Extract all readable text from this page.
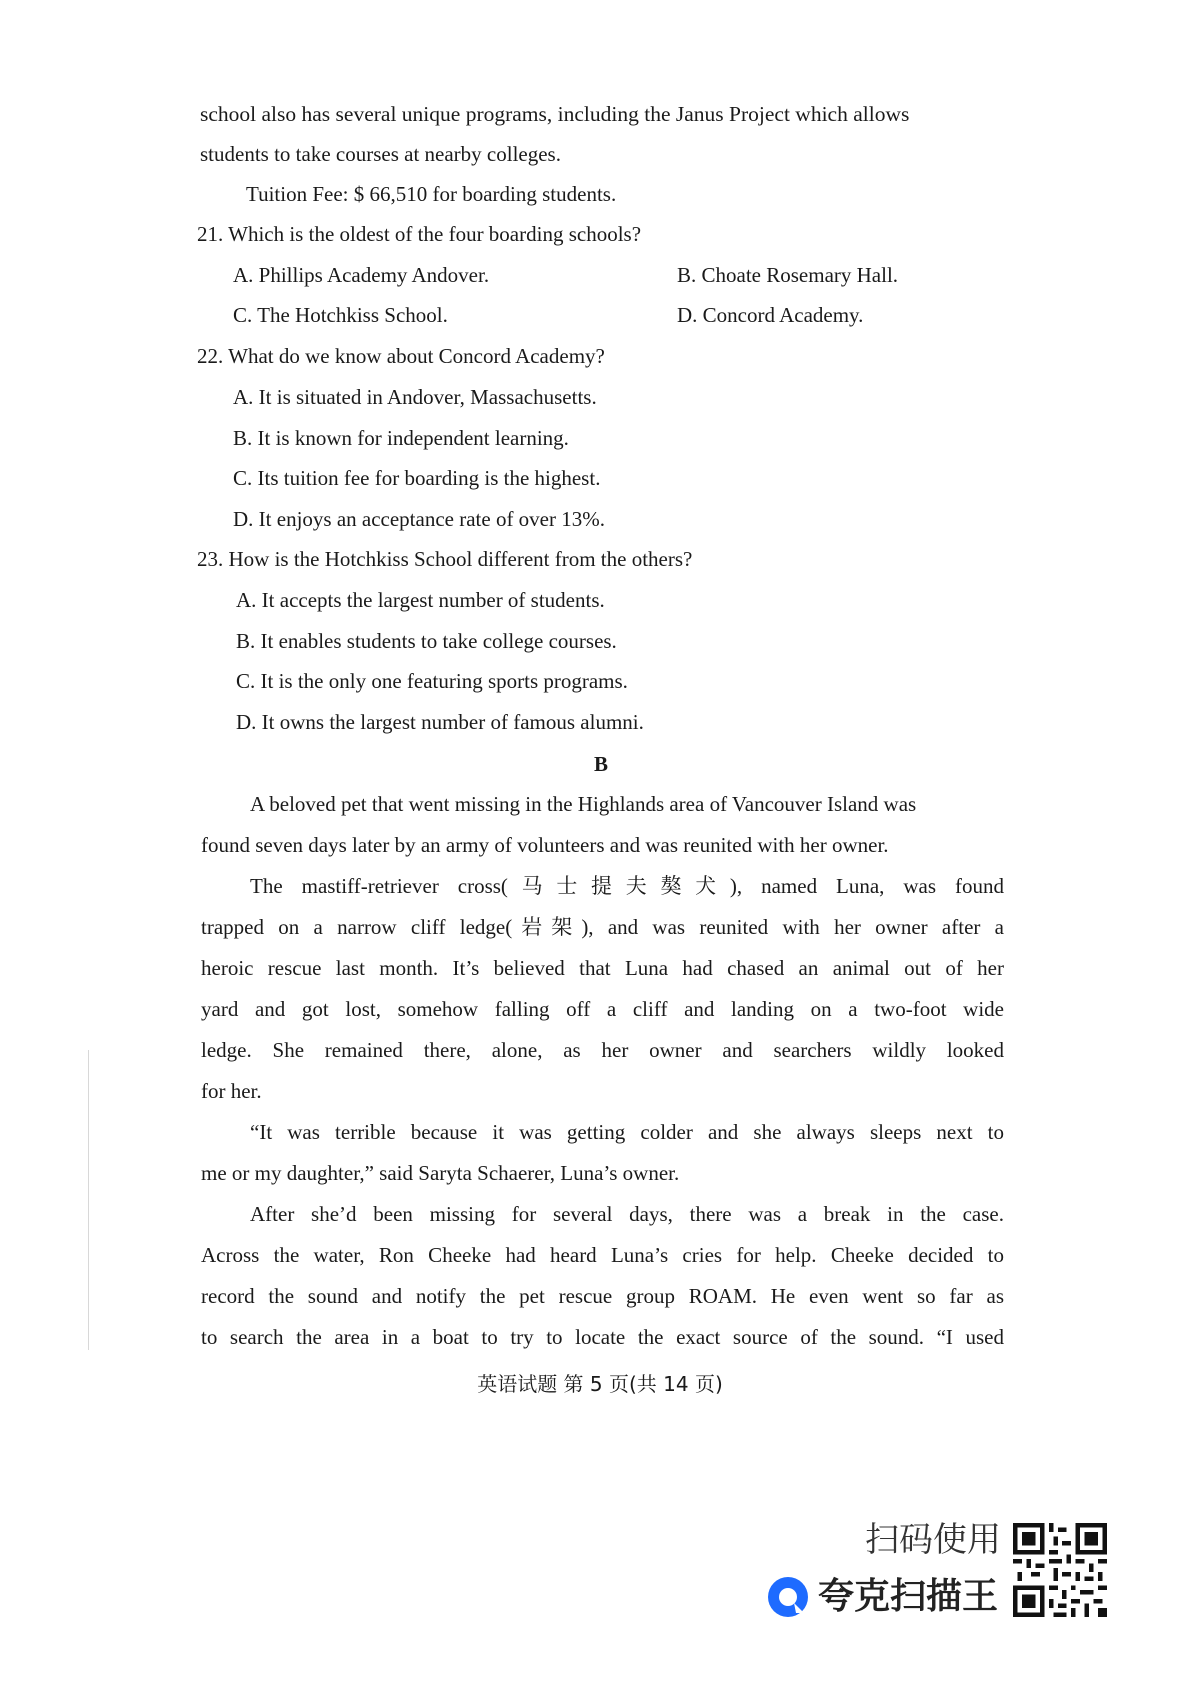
school also has several unique programs, including the Janus Project which allows
students to take courses at nearby colleges.
Tuition Fee: $ 66,510 for boarding students.
21. Which is the oldest of the four boarding schools?
A. Phillips Academy Andover.	B. Choate Rosemary Hall.
C. The Hotchkiss School.	D. Concord Academy.
22. What do we know about Concord Academy?
A. It is situated in Andover, Massachusetts.
B. It is known for independent learning.
C. Its tuition fee for boarding is the highest.
D. It enjoys an acceptance rate of over 13%.
23. How is the Hotchkiss School different from the others?
A. It accepts the largest number of students.
B. It enables students to take college courses.
C. It is the only one featuring sports programs.
D. It owns the largest number of famous alumni.
B
A beloved pet that went missing in the Highlands area of Vancouver Island was
found seven days later by an army of volunteers and was reunited with her owner.
The mastiff-retriever cross(马士提夫獒犬), named Luna, was found
trapped on a narrow cliff ledge(岩架), and was reunited with her owner after a
heroic rescue last month. It’s believed that Luna had chased an animal out of her
yard and got lost, somehow falling off a cliff and landing on a two-foot wide
ledge. She remained there, alone, as her owner and searchers wildly looked
for her.
“It was terrible because it was getting colder and she always sleeps next to
me or my daughter,” said Saryta Schaerer, Luna’s owner.
After she’d been missing for several days, there was a break in the case.
Across the water, Ron Cheeke had heard Luna’s cries for help. Cheeke decided to
record the sound and notify the pet rescue group ROAM. He even went so far as
to search the area in a boat to try to locate the exact source of the sound. “I used
英语试题 第 5 页(共 14 页)
扫码使用
夸克扫描王
